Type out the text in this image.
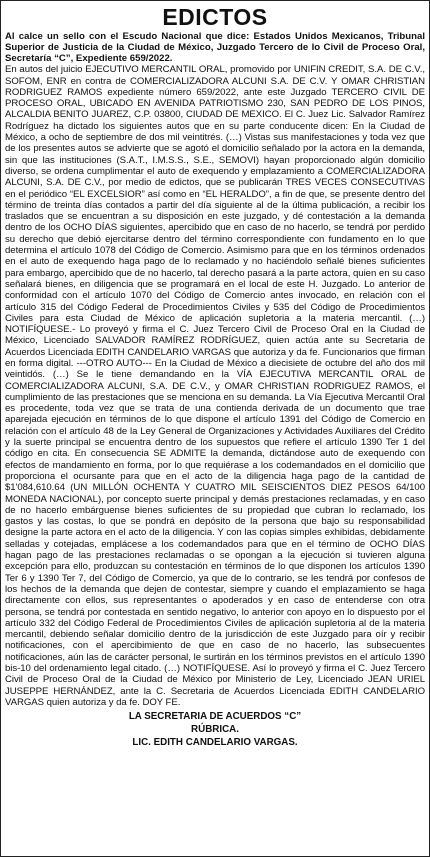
EDICTOS

Al calce un sello con el Escudo Nacional que dice: Estados Unidos Mexicanos, Tribunal Superior de Justicia de la Ciudad de México, Juzgado Tercero de lo Civil de Proceso Oral, Secretaría “C”, Expediente 659/2022.

En autos del juicio EJECUTIVO MERCANTIL ORAL, promovido por UNIFIN CREDIT, S.A. DE C.V., SOFOM, ENR en contra de COMERCIALIZADORA ALCUNI S.A. DE C.V. Y OMAR CHRISTIAN RODRIGUEZ RAMOS expediente número 659/2022, ante este Juzgado TERCERO CIVIL DE PROCESO ORAL, UBICADO EN AVENIDA PATRIOTISMO 230, SAN PEDRO DE LOS PINOS, ALCALDIA BENITO JUAREZ, C.P. 03800, CIUDAD DE MEXICO. El C. Juez Lic. Salvador Ramírez Rodríguez ha dictado los siguientes autos que en su parte conducente dicen: En la Ciudad de México, a ocho de septiembre de dos mil veintitrés. (…) Vistas sus manifestaciones y toda vez que de los presentes autos se advierte que se agotó el domicilio señalado por la actora en la demanda, sin que las instituciones (S.A.T., I.M.S.S., S.E., SEMOVI) hayan proporcionado algún domicilio diverso, se ordena cumplimentar el auto de exequendo y emplazamiento a COMERCIALIZADORA ALCUNI, S.A. DE C.V., por medio de edictos, que se publicarán TRES VECES CONSECUTIVAS en el periódico “EL EXCELSIOR” así como en “EL HERALDO”, a fin de que, se presente dentro del término de treinta días contados a partir del día siguiente al de la última publicación, a recibir los traslados que se encuentran a su disposición en este juzgado, y dé contestación a la demanda dentro de los OCHO DÍAS siguientes, apercibido que en caso de no hacerlo, se tendrá por perdido su derecho que debió ejercitarse dentro del término correspondiente con fundamento en lo que determina el artículo 1078 del Código de Comercio. Asimismo para que en los términos ordenados en el auto de exequendo haga pago de lo reclamado y no haciéndolo señalé bienes suficientes para embargo, apercibido que de no hacerlo, tal derecho pasará a la parte actora, quien en su caso señalará bienes, en diligencia que se programará en el local de este H. Juzgado. Lo anterior de conformidad con el artículo 1070 del Código de Comercio antes invocado, en relación con el artículo 315 del Código Federal de Procedimientos Civiles y 535 del Código de Procedimientos Civiles para esta Ciudad de México de aplicación supletoria a la materia mercantil. (…) NOTIFÍQUESE.- Lo proveyó y firma el C. Juez Tercero Civil de Proceso Oral en la Ciudad de México, Licenciado SALVADOR RAMÍREZ RODRÍGUEZ, quien actúa ante su Secretaria de Acuerdos Licenciada EDITH CANDELARIO VARGAS que autoriza y da fe. Funcionarios que firman en forma digital. ---OTRO AUTO--- En la Ciudad de México a diecisiete de octubre del año dos mil veintidós. (…) Se le tiene demandando en la VÍA EJECUTIVA MERCANTIL ORAL de COMERCIALIZADORA ALCUNI, S.A. DE C.V., y OMAR CHRISTIAN RODRIGUEZ RAMOS, el cumplimiento de las prestaciones que se menciona en su demanda. La Vía Ejecutiva Mercantil Oral es procedente, toda vez que se trata de una contienda derivada de un documento que trae aparejada ejecución en términos de lo que dispone el artículo 1391 del Código de Comercio en relación con el artículo 48 de la Ley General de Organizaciones y Actividades Auxiliares del Crédito y la suerte principal se encuentra dentro de los supuestos que refiere el artículo 1390 Ter 1 del código en cita. En consecuencia SE ADMITE la demanda, dictándose auto de exequendo con efectos de mandamiento en forma, por lo que requiérase a los codemandados en el domicilio que proporciona el ocursante para que en el acto de la diligencia haga pago de la cantidad de $1'084,610.64 (UN MILLÓN OCHENTA Y CUATRO MIL SEISCIENTOS DIEZ PESOS 64/100 MONEDA NACIONAL), por concepto suerte principal y demás prestaciones reclamadas, y en caso de no hacerlo embárguense bienes suficientes de su propiedad que cubran lo reclamado, los gastos y las costas, lo que se pondrá en depósito de la persona que bajo su responsabilidad designe la parte actora en el acto de la diligencia. Y con las copias simples exhibidas, debidamente selladas y cotejadas, emplácese a los codemandados para que en el término de OCHO DÍAS hagan pago de las prestaciones reclamadas o se opongan a la ejecución si tuvieren alguna excepción para ello, produzcan su contestación en términos de lo que disponen los artículos 1390 Ter 6 y 1390 Ter 7, del Código de Comercio, ya que de lo contrario, se les tendrá por confesos de los hechos de la demanda que dejen de contestar, siempre y cuando el emplazamiento se haga directamente con ellos, sus representantes o apoderados y en caso de entenderse con otra persona, se tendrá por contestada en sentido negativo, lo anterior con apoyo en lo dispuesto por el artículo 332 del Código Federal de Procedimientos Civiles de aplicación supletoria al de la materia mercantil, debiendo señalar domicilio dentro de la jurisdicción de este Juzgado para oír y recibir notificaciones, con el apercibimiento de que en caso de no hacerlo, las subsecuentes notificaciones, aún las de carácter personal, le surtirán en los términos previstos en el artículo 1390 bis-10 del ordenamiento legal citado. (…) NOTIFÍQUESE. Así lo proveyó y firma el C. Juez Tercero Civil de Proceso Oral de la Ciudad de México por Ministerio de Ley, Licenciado JEAN URIEL JUSEPPE HERNÁNDEZ, ante la C. Secretaria de Acuerdos Licenciada EDITH CANDELARIO VARGAS quien autoriza y da fe. DOY FE.

LA SECRETARIA DE ACUERDOS “C”
RÚBRICA.
LIC. EDITH CANDELARIO VARGAS.
